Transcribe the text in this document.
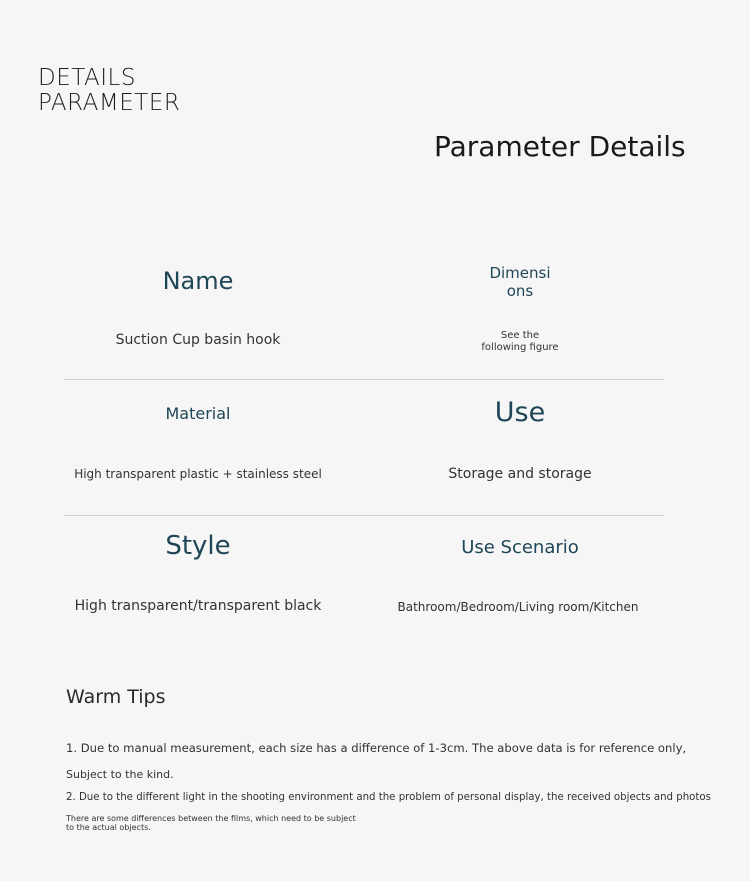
DETAILS
PARAMETER
Parameter Details
Name
Suction Cup basin hook
Dimensi
ons
See the
following figure
Material
High transparent plastic + stainless steel
Use
Storage and storage
Style
High transparent/transparent black
Use Scenario
Bathroom/Bedroom/Living room/Kitchen
Warm Tips
1. Due to manual measurement, each size has a difference of 1-3cm. The above data is for reference only,
Subject to the kind.
2. Due to the different light in the shooting environment and the problem of personal display, the received objects and photos
There are some differences between the films, which need to be subject
to the actual objects.
